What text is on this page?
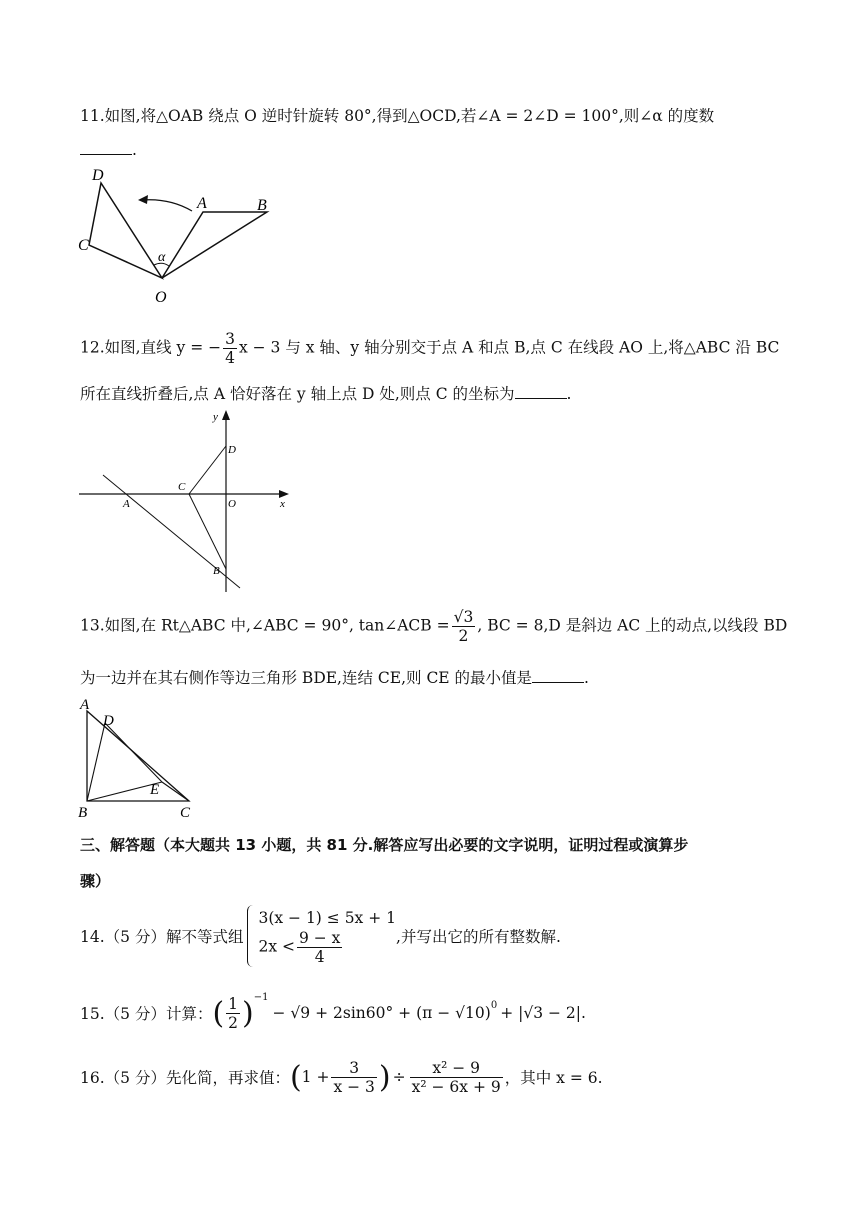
11.如图,将△OAB 绕点 O 逆时针旋转 80°,得到△OCD,若∠A = 2∠D = 100°,则∠α 的度数
.
D
C
O
A	B
α
12.如图,直线 y = − $\frac{3}{4}$ x − 3 与 x 轴、y 轴分别交于点 A 和点 B,点 C 在线段 AO 上,将△ABC 沿 BC
所在直线折叠后,点 A 恰好落在 y 轴上点 D 处,则点 C 的坐标为	.
y
x
D
C
A	O
B
13.如图,在 Rt△ABC 中,∠ABC = 90°, tan∠ACB = $\frac{√3}{2}$ , BC = 8,D 是斜边 AC 上的动点,以线段 BD
为一边并在其右侧作等边三角形 BDE,连结 CE,则 CE 的最小值是	.
A
D
E
B	C
三、解答题（本大题共 13 小题，共 81 分.解答应写出必要的文字说明，证明过程或演算步
骤）
14.（5 分）解不等式组
3(x − 1) ≤ 5x + 1
$2x < \frac{9 - x}{4}$	,并写出它的所有整数解.
15.（5 分）计算： ( $\frac{1}{2} )^{-1}$
− $√9 + 2\sin 60^\circ + (\pi - √10)^0 + |√3 - 2|$.
16.（5 分）先化简，再求值： ( $1 + \frac{3}{x - 3}$ ) ÷ $\frac{\text{x² − 9}}{\text{x² − 6x + 9}}$ ，其中 x = 6.
